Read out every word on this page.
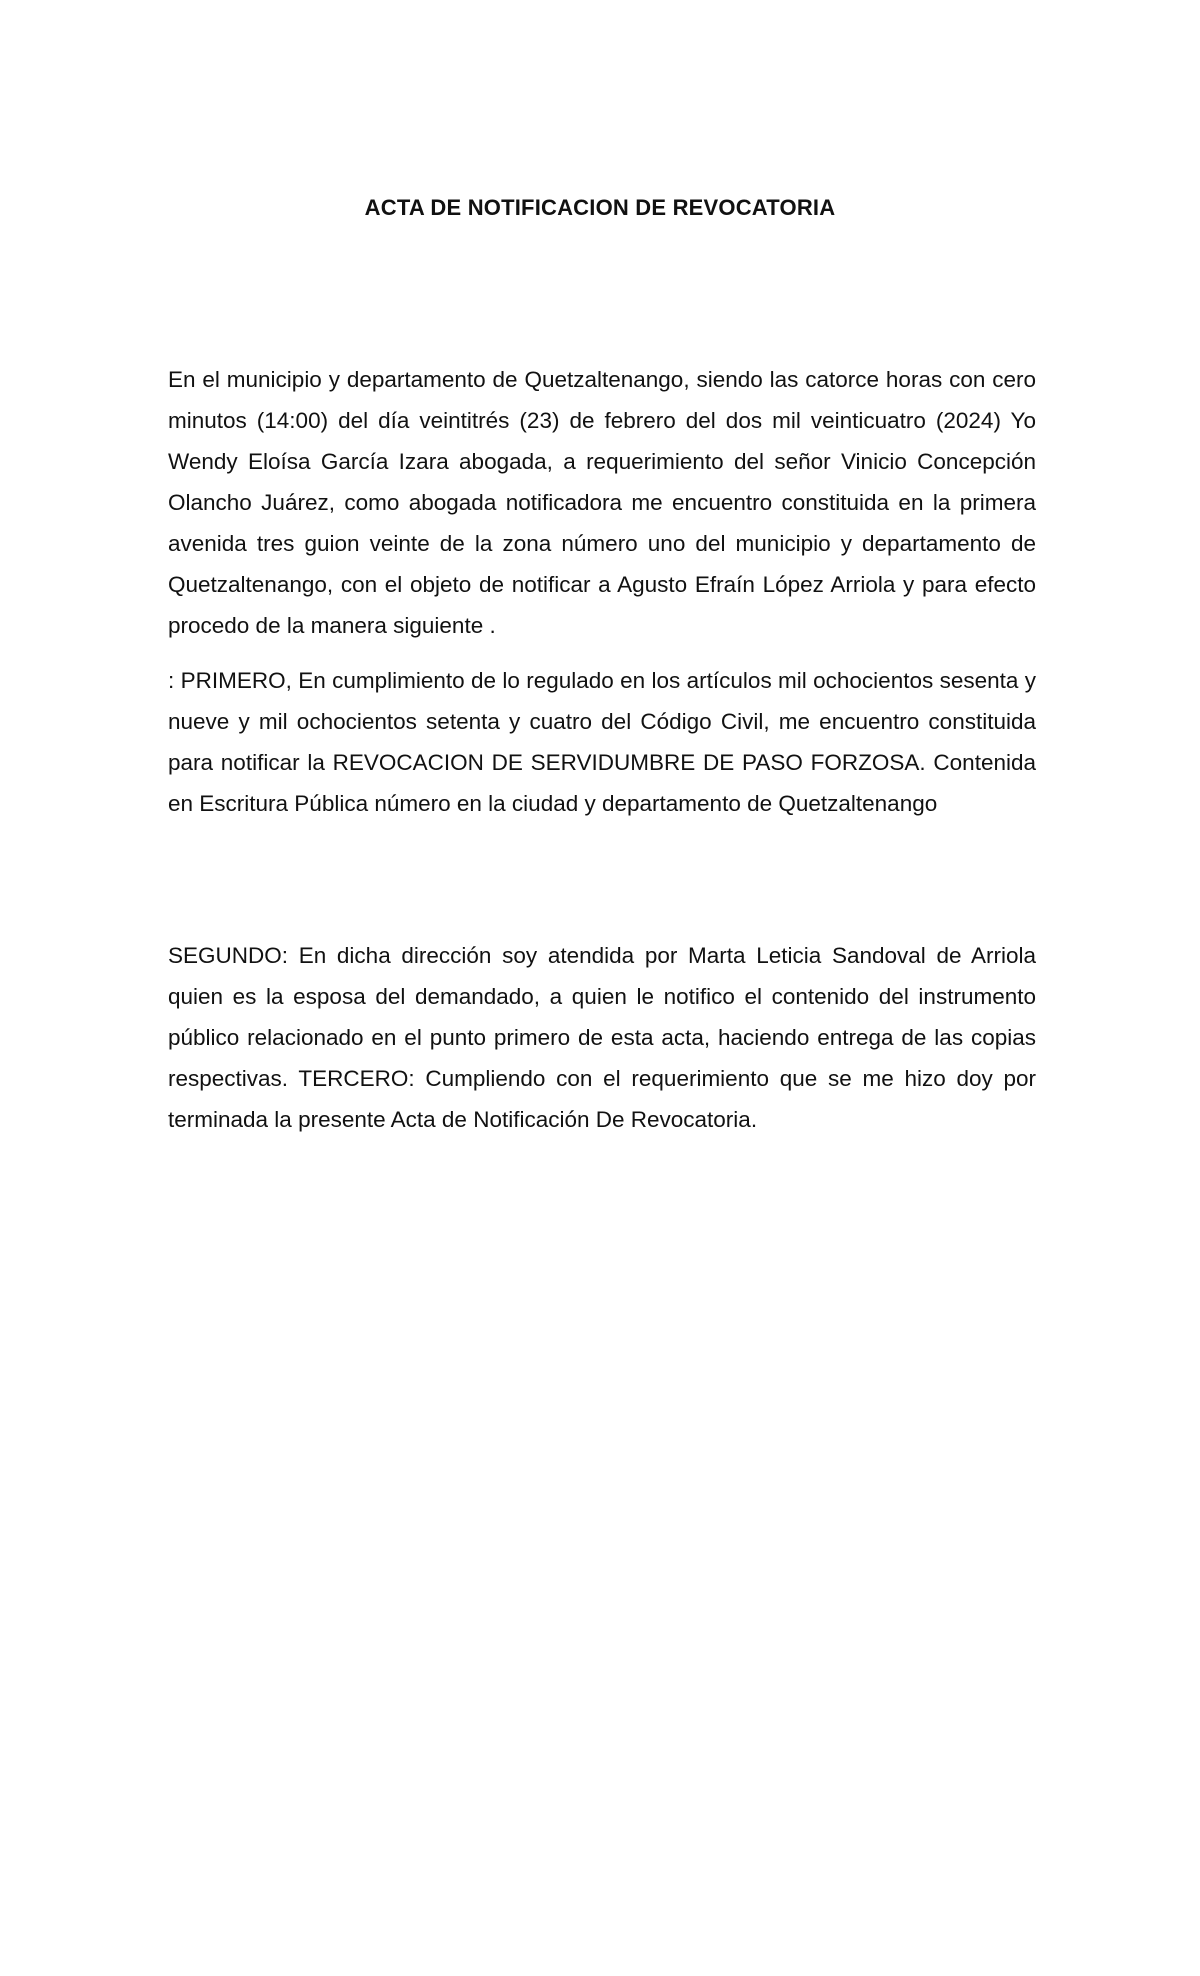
ACTA DE NOTIFICACION DE REVOCATORIA

En el municipio y departamento de Quetzaltenango, siendo las catorce horas con cero minutos (14:00) del día veintitrés (23) de febrero del dos mil veinticuatro (2024) Yo Wendy Eloísa García Izara abogada, a requerimiento del señor Vinicio Concepción Olancho Juárez, como abogada notificadora me encuentro constituida en la primera avenida tres guion veinte de la zona número uno del municipio y departamento de Quetzaltenango, con el objeto de notificar a Agusto Efraín López Arriola y para efecto procedo de la manera siguiente .

: PRIMERO, En cumplimiento de lo regulado en los artículos mil ochocientos sesenta y nueve y mil ochocientos setenta y cuatro del Código Civil, me encuentro constituida para notificar la REVOCACION DE SERVIDUMBRE DE PASO FORZOSA. Contenida en Escritura Pública número en la ciudad y departamento de Quetzaltenango

SEGUNDO: En dicha dirección soy atendida por Marta Leticia Sandoval de Arriola quien es la esposa del demandado, a quien le notifico el contenido del instrumento público relacionado en el punto primero de esta acta, haciendo entrega de las copias respectivas. TERCERO: Cumpliendo con el requerimiento que se me hizo doy por terminada la presente Acta de Notificación De Revocatoria.
